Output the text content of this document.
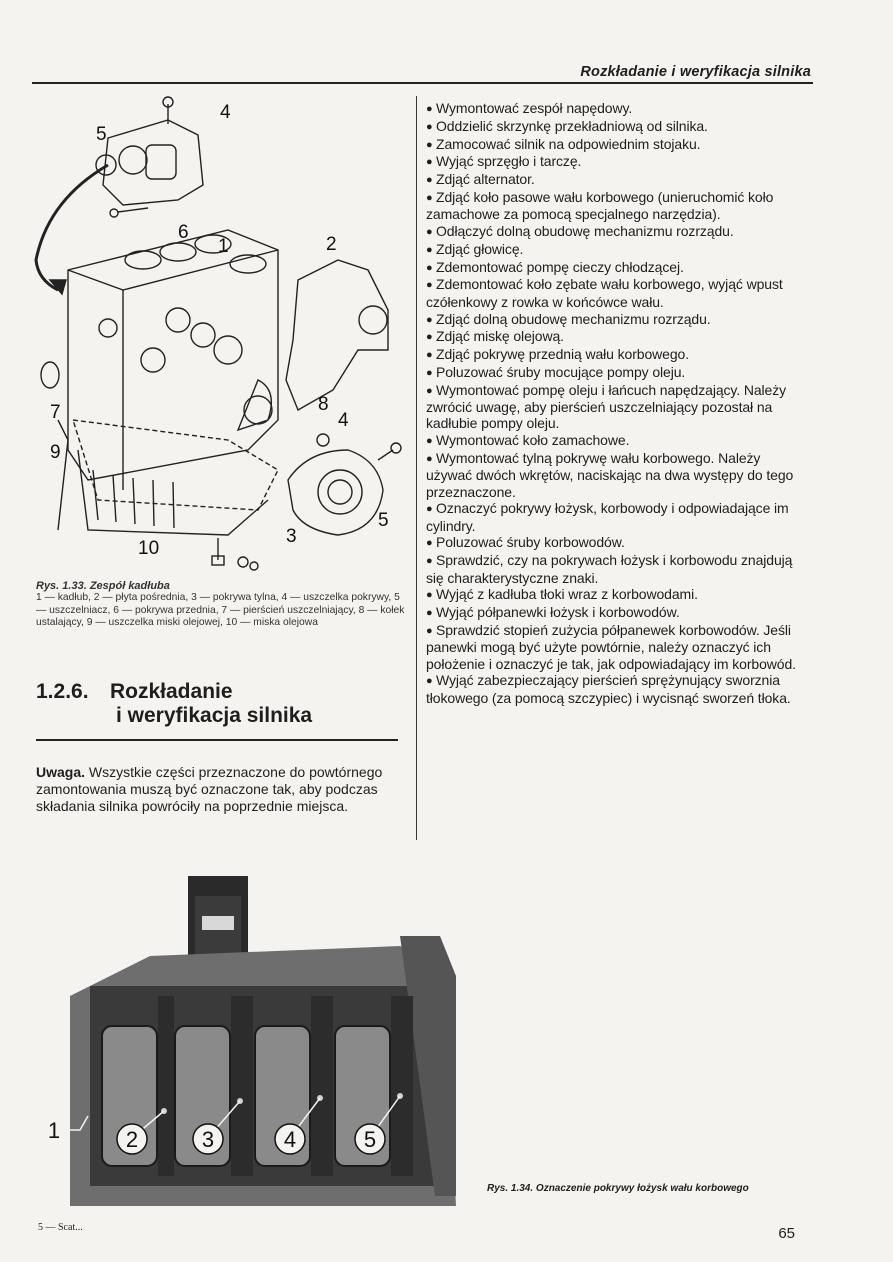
Rozkładanie i weryfikacja silnika
5
4
6
1	2
7	8
4
9
3
5
10
Rys. 1.33. Zespół kadłuba
1 — kadłub, 2 — płyta pośrednia, 3 — pokrywa tylna, 4 — uszczelka pokrywy, 5 — uszczelniacz, 6 — pokrywa przednia, 7 — pierścień uszczelniający, 8 — kołek ustalający, 9 — uszczelka miski olejowej, 10 — miska olejowa
1.2.6. Rozkładanie
i weryfikacja silnika
Uwaga. Wszystkie części przeznaczone do powtórnego zamontowania muszą być oznaczone tak, aby podczas składania silnika powróciły na poprzednie miejsca.
● Wymontować zespół napędowy.
● Oddzielić skrzynkę przekładniową od silnika.
● Zamocować silnik na odpowiednim stojaku.
● Wyjąć sprzęgło i tarczę.
● Zdjąć alternator.
● Zdjąć koło pasowe wału korbowego (unieruchomić koło zamachowe za pomocą specjalnego narzędzia).
● Odłączyć dolną obudowę mechanizmu rozrządu.
● Zdjąć głowicę.
● Zdemontować pompę cieczy chłodzącej.
● Zdemontować koło zębate wału korbowego, wyjąć wpust czółenkowy z rowka w końcówce wału.
● Zdjąć dolną obudowę mechanizmu rozrządu.
● Zdjąć miskę olejową.
● Zdjąć pokrywę przednią wału korbowego.
● Poluzować śruby mocujące pompy oleju.
● Wymontować pompę oleju i łańcuch napędzający. Należy zwrócić uwagę, aby pierścień uszczelniający pozostał na kadłubie pompy oleju.
● Wymontować koło zamachowe.
● Wymontować tylną pokrywę wału korbowego. Należy używać dwóch wkrętów, naciskając na dwa występy do tego przeznaczone.
● Oznaczyć pokrywy łożysk, korbowody i odpowiadające im cylindry.
● Poluzować śruby korbowodów.
● Sprawdzić, czy na pokrywach łożysk i korbowodu znajdują się charakterystyczne znaki.
● Wyjąć z kadłuba tłoki wraz z korbowodami.
● Wyjąć półpanewki łożysk i korbowodów.
● Sprawdzić stopień zużycia półpanewek korbowodów. Jeśli panewki mogą być użyte powtórnie, należy oznaczyć ich położenie i oznaczyć je tak, jak odpowiadający im korbowód.
● Wyjąć zabezpieczający pierścień sprężynujący sworznia tłokowego (za pomocą szczypiec) i wycisnąć sworzeń tłoka.
1	2	3	4	5
Rys. 1.34. Oznaczenie pokrywy łożysk wału korbowego
5 — Scat...	65
